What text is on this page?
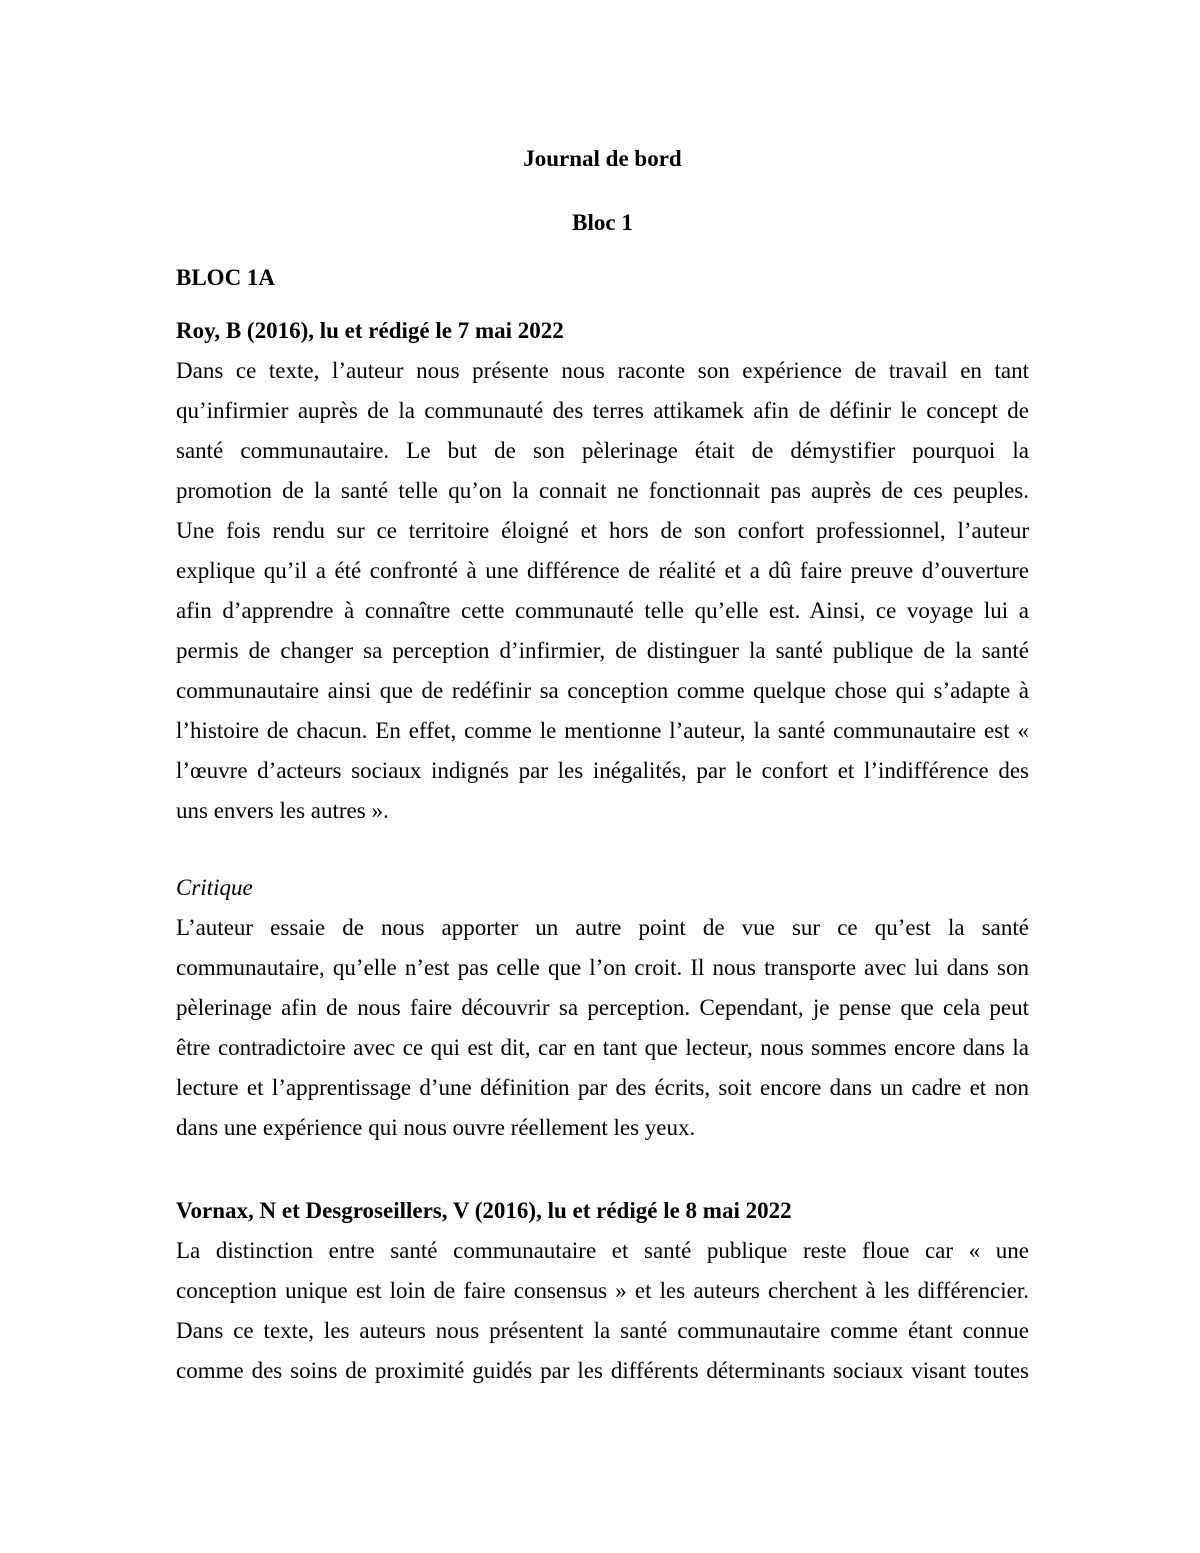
Journal de bord
Bloc 1
BLOC 1A
Roy, B (2016), lu et rédigé le 7 mai 2022
Dans ce texte, l’auteur nous présente nous raconte son expérience de travail en tant
qu’infirmier auprès de la communauté des terres attikamek afin de définir le concept de
santé communautaire. Le but de son pèlerinage était de démystifier pourquoi la
promotion de la santé telle qu’on la connait ne fonctionnait pas auprès de ces peuples.
Une fois rendu sur ce territoire éloigné et hors de son confort professionnel, l’auteur
explique qu’il a été confronté à une différence de réalité et a dû faire preuve d’ouverture
afin d’apprendre à connaître cette communauté telle qu’elle est. Ainsi, ce voyage lui a
permis de changer sa perception d’infirmier, de distinguer la santé publique de la santé
communautaire ainsi que de redéfinir sa conception comme quelque chose qui s’adapte à
l’histoire de chacun. En effet, comme le mentionne l’auteur, la santé communautaire est «
l’œuvre d’acteurs sociaux indignés par les inégalités, par le confort et l’indifférence des
uns envers les autres ».
Critique
L’auteur essaie de nous apporter un autre point de vue sur ce qu’est la santé
communautaire, qu’elle n’est pas celle que l’on croit. Il nous transporte avec lui dans son
pèlerinage afin de nous faire découvrir sa perception. Cependant, je pense que cela peut
être contradictoire avec ce qui est dit, car en tant que lecteur, nous sommes encore dans la
lecture et l’apprentissage d’une définition par des écrits, soit encore dans un cadre et non
dans une expérience qui nous ouvre réellement les yeux.
Vornax, N et Desgroseillers, V (2016), lu et rédigé le 8 mai 2022
La distinction entre santé communautaire et santé publique reste floue car « une
conception unique est loin de faire consensus » et les auteurs cherchent à les différencier.
Dans ce texte, les auteurs nous présentent la santé communautaire comme étant connue
comme des soins de proximité guidés par les différents déterminants sociaux visant toutes
